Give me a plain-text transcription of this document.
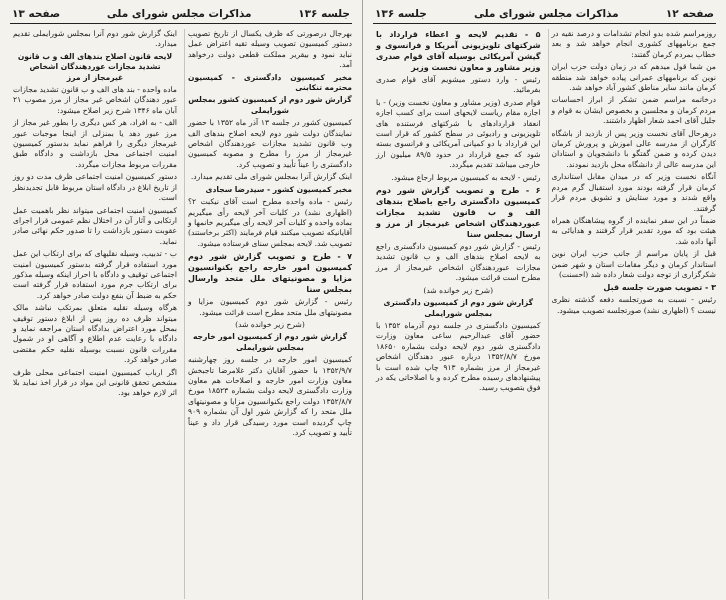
جلسه ۱۳۶
مذاکرات مجلس شورای ملی
صفحه ۱۳

بهرجال درصورتی که ظرف یکسال از تاریخ تصویب دستور کمیسیون تصویب وسیله تقیه اعتراض عمل نباید نمود و بیقریر مملکت قطعی دولت درخواهد آمد.

مخبر کمیسیون دادگستری - کمیسیون محترمه تنکابنی

گزارش شور دوم از کمیسیون کشور بمجلس شورایملی

کمیسیون کشور در جلسه ۱۳ آذر ماه ۱۳۵۲ با حضور نمایندگان دولت شور دوم لایحه اصلاح بندهای الف وب قانون تشدید مجازات عوردهندگان اشخاص غیرمجاز از مرز را مطرح و مصوبه کمیسیون دادگستری را عیناً تأیید و تصویب کرد.

اینک گزارش آنرا بمجلس شورای ملی تقدیم میدارد.

مخبر کمیسیون کشور - سیدرضا سجادی

رئیس - ماده واحده مطرح است آقای نیکبت ۲؟ (اظهاری نشد) در کلیات آخر لایحه رأی میگیریم بماده واحده و کلیات آخر لایحه رأی میگیریم خانمها و آقایانیکه تصویب میکنند قیام فرمایند (اکثر برخاستند) تصویب شد. لایحه بمجلس سنای فرستاده میشود.

۷ - طرح و تصویب گزارش شور دوم کمیسیون امور خارجه راجع بکنوانسیون مزایا و مصونیتهای ملل متحد وارسال بمجلس سنا

رئیس - گزارش شور دوم کمیسیون مزایا و مصونیتهای ملل متحد مطرح است قرائت میشود.

(شرح زیر خوانده شد)

گزارش شور دوم از کمیسیون امور خارجه بمجلس شورایملی

کمیسیون امور خارجه در جلسه روز چهارشنبه ۱۳۵۲/۹/۷ با حضور آقایان دکتر غلامرضا تاجبخش معاون وزارت امور خارجه و اصلاحات هم معاون وزارت دادگستری لایحه دولت بشماره ۱۸۵۲۳ مورخ ۱۳۵۲/۸/۷ دولت راجع بکنوانسیون مزایا و مصونیتهای ملل متحد را که گزارش شور اول آن بشماره ۹۰۹ چاپ گردیده است مورد رسیدگی قرار داد و عیناً تأیید و تصویب کرد.

اینک گزارش شور دوم آنرا بمجلس شورایملی تقدیم میدارد.

لایحه قانون اصلاح بندهای الف و ب قانون تشدید مجازات عوردهندگان اشخاص غیرمجاز از مرز

ماده واحده - بند های الف و ب قانون تشدید مجازات عبور دهندگان اشخاص غیر مجاز از مرز مصوب ۲۱ آبان ماه ۱۳۴۶ شرح زیر اصلاح میشود:

الف - به افراد، هر کس دیگری را بطور غیر مجاز از مرز عبور دهد یا بمنزلی از اینجا موجبات عبور غیرمجاز دیگری را فراهم نماید بدستور کمیسیون امنیت اجتماعی محل بازداشت و دادگاه طبق مقررات مربوط مجازات میگردد.

دستور کمیسیون امنیت اجتماعی ظرف مدت دو روز از تاریخ ابلاغ در دادگاه استان مربوط قابل تجدیدنظر است.

کمیسیون امنیت اجتماعی میتواند نظر باهمیت عمل ارتکابی و آثار آن در اختلال نظم عمومی قرار اجرای عقوبت دستور بازداشت را تا صدور حکم نهائی صادر نماید.

ب - تدبیب، وسیله نقلیهای که برای ارتکاب این عمل مورد استفاده قرار گرفته بدستور کمیسیون امنیت اجتماعی توقیف و دادگاه با احراز اینکه وسیله مذکور برای ارتکاب جرم مورد استفاده قرار گرفته است حکم به ضبط آن بنفع دولت صادر خواهد کرد.

هرگاه وسیله نقلیه متعلق بمرتکب نباشد مالک میتواند ظرف ده روز پس از ابلاغ دستور توقیف بمحل مورد اعتراض بدادگاه استان مراجعه نماید و دادگاه با رعایت عدم اطلاع و آگاهی او در شمول مقررات قانون نسبت بوسیله نقلیه حکم مقتضی صادر خواهد کرد.

اگر ارباب کمیسیون امنیت اجتماعی محلی ظرف مشخص تحقق قانونی این مواد در قرار اخذ نماید بلا اثر لازم خواهد بود.

صفحه ۱۲
مذاکرات مجلس شورای ملی
جلسه ۱۳۶

روزمراسم شده بدو انجام تشدامات و درصد نقیه در جمع برنامههای کشوری انجام خواهد شد و بعد خطاب بمردم کرمان گفتند:

من شما قول میدهم که در زمان دولت حزب ایران نوین که برنامههای عمرانی پیاده خواهد شد منطقه کرمان مانند سایر مناطق کشور آباد خواهد شد.

درخاتمه مراسم ضمن تشکر از ابراز احساسات مردم کرمان و مجلسین و بخصوص ایشان به قوام و جلیل آقای احمد شعار اظهار داشتند.

درهرحال آقای نخست وزیر پس از بازدید از باشگاه کارگران از مدرسه عالی اموزش و پرورش کرمان دیدن کرده و ضمن گفتگو با دانشجویان و استادان این مدرسه عالی از دانشگاه محل بازدید نمودند.

آنگاه نخست وزیر که در میدان مقابل استانداری کرمان قرار گرفته بودند مورد استقبال گرم مردم واقع شدند و مورد ستایش و تشویق مردم قرار گرفتند.

ضمناً در این سفر نماینده از گروه پیشاهنگان همراه هیئت بود که مورد تقدیر قرار گرفتند و هدایائی به آنها داده شد.

قبل از پایان مراسم از جانب حزب ایران نوین استاندار کرمان و دیگر مقامات استان و شهر ضمن شکرگزاری از توجه دولت شعار داده شد (احسنت)

۳ - تصویب صورت جلسه قبل

رئیس - نسبت به صورتجلسه دفعه گذشته نظری نیست ؟ (اظهاری نشد) صورتجلسه تصویب میشود.

۵ - تقدیم لایحه و اعطاء قرارداد با شرکتهای تلویزیونی آمریکا و فرانسوی و گیشن آمریکائی بوسیله آقای قوام صدری وزیر مشاور و معاون نخست وزیر

رئیس - وارد دستور میشویم آقای قوام صدری بفرمائید.

قوام صدری (وزیر مشاور و معاون نخست وزیر) - با اجازه مقام ریاست لایحهای است برای کسب اجازه انعقاد قراردادهای با شرکتهای فرستنده های تلویزیونی و رادیوئی در سطح کشور که قرار است این قرارداد با دو کمپانی آمریکائی و فرانسوی بسته شود که جمع قرارداد در حدود ۸۹/۵ میلیون ارز خارجی میباشد تقدیم میگردد.

رئیس - لایحه به کمیسیون مربوط ارجاع میشود.

۶ - طرح و تصویب گزارش شور دوم کمیسیون دادگستری راجع باصلاح بندهای الف و ب قانون تشدید مجازات عبوردهندگان اشخاص غیرمجاز از مرز و ارسال بمجلس سنا

رئیس - گزارش شور دوم کمیسیون دادگستری راجع به لایحه اصلاح بندهای الف و ب قانون تشدید مجازات عبوردهندگان اشخاص غیرمجاز از مرز مطرح است قرائت میشود.

(شرح زیر خوانده شد)

گزارش شور دوم از کمیسیون دادگستری بمجلس شورایملی

کمیسیون دادگستری در جلسه دوم آذرماه ۱۳۵۲ با حضور آقای عبدالرحیم ساعی معاون وزارت دادگستری شور دوم لایحه دولت بشماره ۱۸۶۵۰ مورخ ۱۳۵۲/۸/۷ درباره عبور دهندگان اشخاص غیرمجاز از مرز بشماره ۹۱۳ چاپ شده است با پیشنهادهای رسیده مطرح کرده و با اصلاحاتی یکه در فوق بتصویب رسید.
